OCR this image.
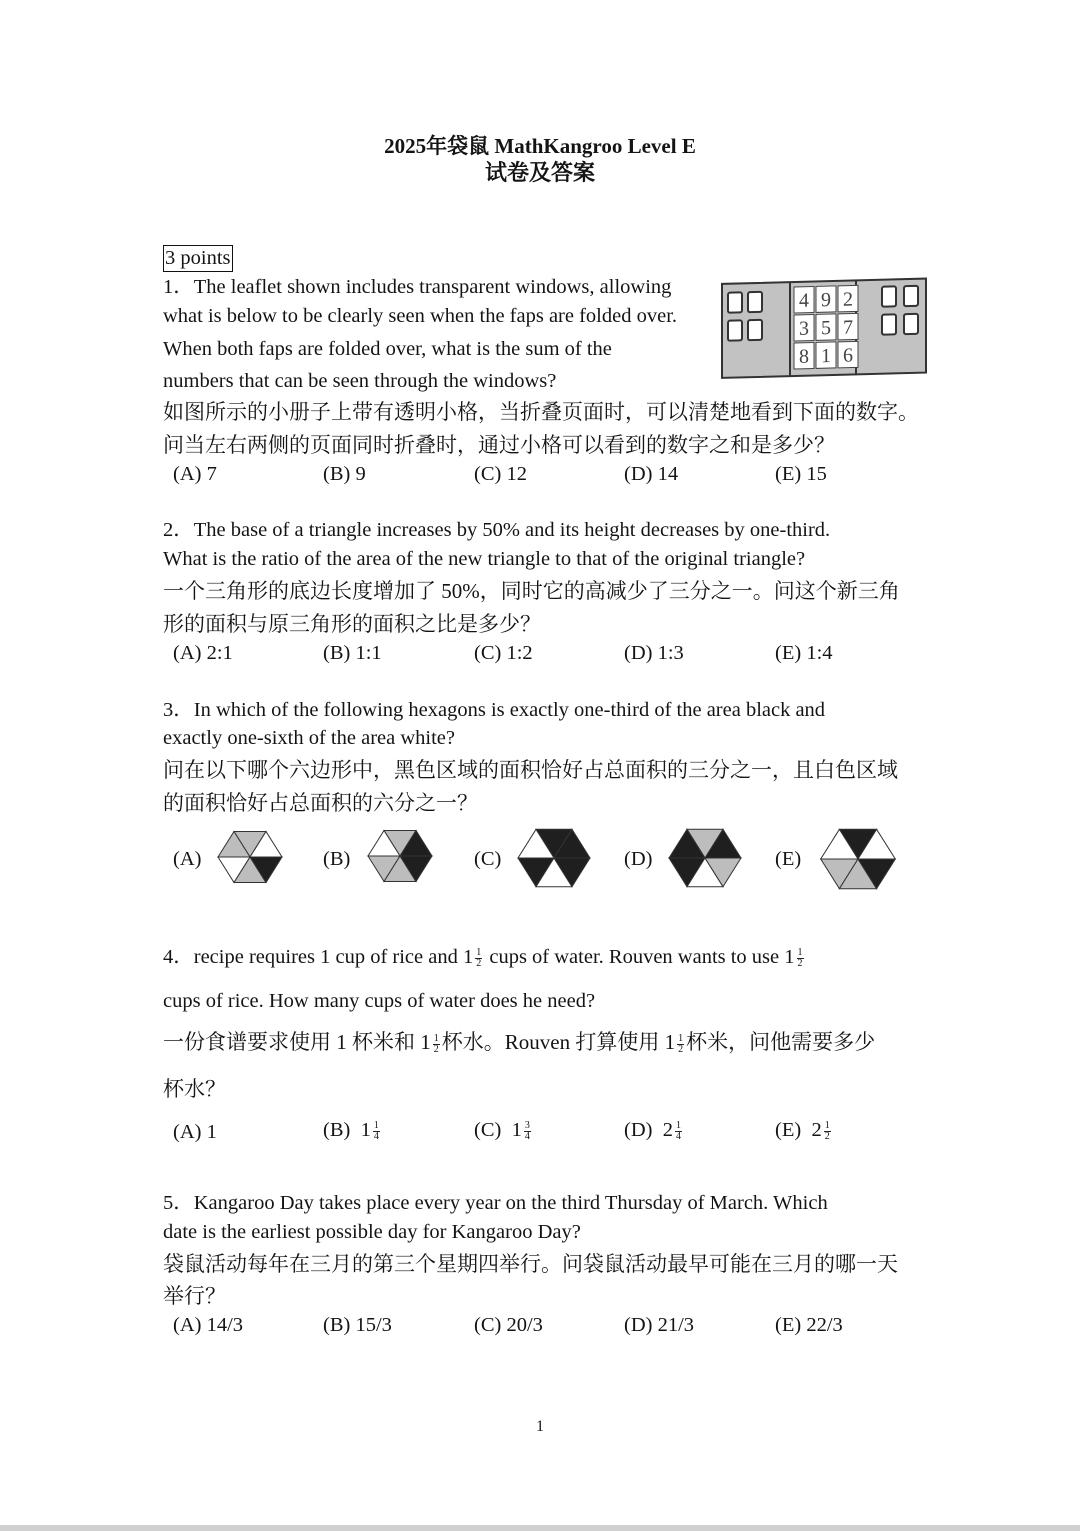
2025年袋鼠 MathKangroo Level E
试卷及答案
3 points
1．The leaflet shown includes transparent windows, allowing
what is below to be clearly seen when the faps are folded over.
When both faps are folded over, what is the sum of the
numbers that can be seen through the windows?
4 9 2
3 5 7
8 1 6
如图所示的小册子上带有透明小格，当折叠页面时，可以清楚地看到下面的数字。
问当左右两侧的页面同时折叠时，通过小格可以看到的数字之和是多少？
(A) 7	(B) 9	(C) 12	(D) 14	(E) 15
2．The base of a triangle increases by 50% and its height decreases by one-third.
What is the ratio of the area of the new triangle to that of the original triangle?
一个三角形的底边长度增加了 50%，同时它的高减少了三分之一。问这个新三角
形的面积与原三角形的面积之比是多少？
(A) 2:1	(B) 1:1	(C) 1:2	(D) 1:3	(E) 1:4
3．In which of the following hexagons is exactly one-third of the area black and
exactly one-sixth of the area white?
问在以下哪个六边形中，黑色区域的面积恰好占总面积的三分之一，且白色区域
的面积恰好占总面积的六分之一？
(A)	(B)	(C)	(D)	(E)
4．recipe requires 1 cup of rice and $1 \frac{1}{2}$ cups of water. Rouven wants to use $1 \frac{1}{2}$
cups of rice. How many cups of water does he need?
一份食谱要求使用 1 杯米和 $1 \frac{1}{2}$ 杯水。Rouven 打算使用 $1 \frac{1}{2}$ 杯米，问他需要多少
杯水？
(A) 1	(B) $1 \frac{1}{4}$	(C) $1 \frac{3}{4}$	(D) $2 \frac{1}{4}$	(E) $2 \frac{1}{2}$
5．Kangaroo Day takes place every year on the third Thursday of March. Which
date is the earliest possible day for Kangaroo Day?
袋鼠活动每年在三月的第三个星期四举行。问袋鼠活动最早可能在三月的哪一天
举行？
(A) 14/3	(B) 15/3	(C) 20/3	(D) 21/3	(E) 22/3
1
